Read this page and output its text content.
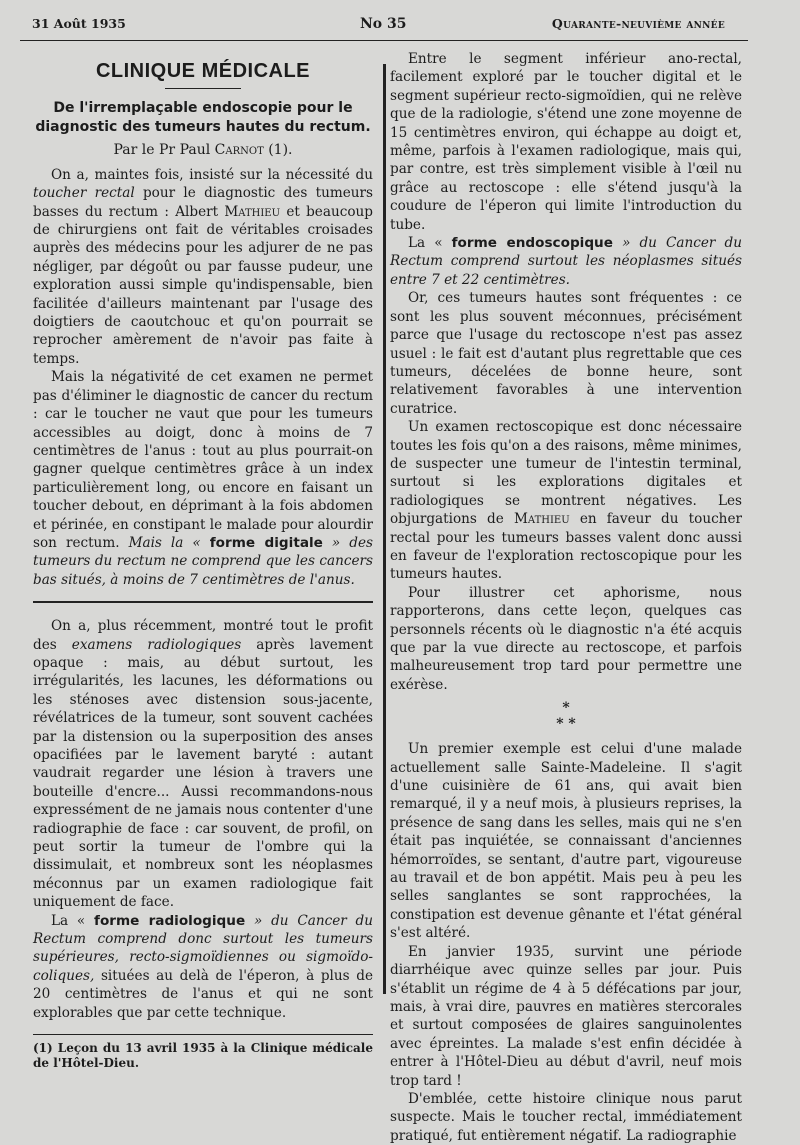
31 Août 1935	No 35	Quarante-neuvième année
CLINIQUE MÉDICALE
De l'irremplaçable endoscopie pour le diagnostic des tumeurs hautes du rectum.
Par le Pr Paul Carnot (1).

On a, maintes fois, insisté sur la nécessité du toucher rectal pour le diagnostic des tumeurs basses du rectum : Albert Mathieu et beaucoup de chirurgiens ont fait de véritables croisades auprès des médecins pour les adjurer de ne pas négliger, par dégoût ou par fausse pudeur, une exploration aussi simple qu'indispensable, bien facilitée d'ailleurs maintenant par l'usage des doigtiers de caoutchouc et qu'on pourrait se reprocher amèrement de n'avoir pas faite à temps.

Mais la négativité de cet examen ne permet pas d'éliminer le diagnostic de cancer du rectum : car le toucher ne vaut que pour les tumeurs accessibles au doigt, donc à moins de 7 centimètres de l'anus : tout au plus pourrait-on gagner quelque centimètres grâce à un index particulièrement long, ou encore en faisant un toucher debout, en déprimant à la fois abdomen et périnée, en constipant le malade pour alourdir son rectum. Mais la « forme digitale » des tumeurs du rectum ne comprend que les cancers bas situés, à moins de 7 centimètres de l'anus.

On a, plus récemment, montré tout le profit des examens radiologiques après lavement opaque : mais, au début surtout, les irrégularités, les lacunes, les déformations ou les sténoses avec distension sous-jacente, révélatrices de la tumeur, sont souvent cachées par la distension ou la superposition des anses opacifiées par le lavement baryté : autant vaudrait regarder une lésion à travers une bouteille d'encre... Aussi recommandons-nous expressément de ne jamais nous contenter d'une radiographie de face : car souvent, de profil, on peut sortir la tumeur de l'ombre qui la dissimulait, et nombreux sont les néoplasmes méconnus par un examen radiologique fait uniquement de face.

La « forme radiologique » du Cancer du Rectum comprend donc surtout les tumeurs supérieures, recto-sigmoïdiennes ou sigmoïdo-coliques, situées au delà de l'éperon, à plus de 20 centimètres de l'anus et qui ne sont explorables que par cette technique.

(1) Leçon du 13 avril 1935 à la Clinique médicale de l'Hôtel-Dieu.

Entre le segment inférieur ano-rectal, facilement exploré par le toucher digital et le segment supérieur recto-sigmoïdien, qui ne relève que de la radiologie, s'étend une zone moyenne de 15 centimètres environ, qui échappe au doigt et, même, parfois à l'examen radiologique, mais qui, par contre, est très simplement visible à l'œil nu grâce au rectoscope : elle s'étend jusqu'à la coudure de l'éperon qui limite l'introduction du tube.

La « forme endoscopique » du Cancer du Rectum comprend surtout les néoplasmes situés entre 7 et 22 centimètres.

Or, ces tumeurs hautes sont fréquentes : ce sont les plus souvent méconnues, précisément parce que l'usage du rectoscope n'est pas assez usuel : le fait est d'autant plus regrettable que ces tumeurs, décelées de bonne heure, sont relativement favorables à une intervention curatrice.

Un examen rectoscopique est donc nécessaire toutes les fois qu'on a des raisons, même minimes, de suspecter une tumeur de l'intestin terminal, surtout si les explorations digitales et radiologiques se montrent négatives. Les objurgations de Mathieu en faveur du toucher rectal pour les tumeurs basses valent donc aussi en faveur de l'exploration rectoscopique pour les tumeurs hautes.

Pour illustrer cet aphorisme, nous rapporterons, dans cette leçon, quelques cas personnels récents où le diagnostic n'a été acquis que par la vue directe au rectoscope, et parfois malheureusement trop tard pour permettre une exérèse.

*
* *

Un premier exemple est celui d'une malade actuellement salle Sainte-Madeleine. Il s'agit d'une cuisinière de 61 ans, qui avait bien remarqué, il y a neuf mois, à plusieurs reprises, la présence de sang dans les selles, mais qui ne s'en était pas inquiétée, se connaissant d'anciennes hémorroïdes, se sentant, d'autre part, vigoureuse au travail et de bon appétit. Mais peu à peu les selles sanglantes se sont rapprochées, la constipation est devenue gênante et l'état général s'est altéré.

En janvier 1935, survint une période diarrhéique avec quinze selles par jour. Puis s'établit un régime de 4 à 5 défécations par jour, mais, à vrai dire, pauvres en matières stercorales et surtout composées de glaires sanguinolentes avec épreintes. La malade s'est enfin décidée à entrer à l'Hôtel-Dieu au début d'avril, neuf mois trop tard !

D'emblée, cette histoire clinique nous parut suspecte. Mais le toucher rectal, immédiatement pratiqué, fut entièrement négatif. La radiographie
